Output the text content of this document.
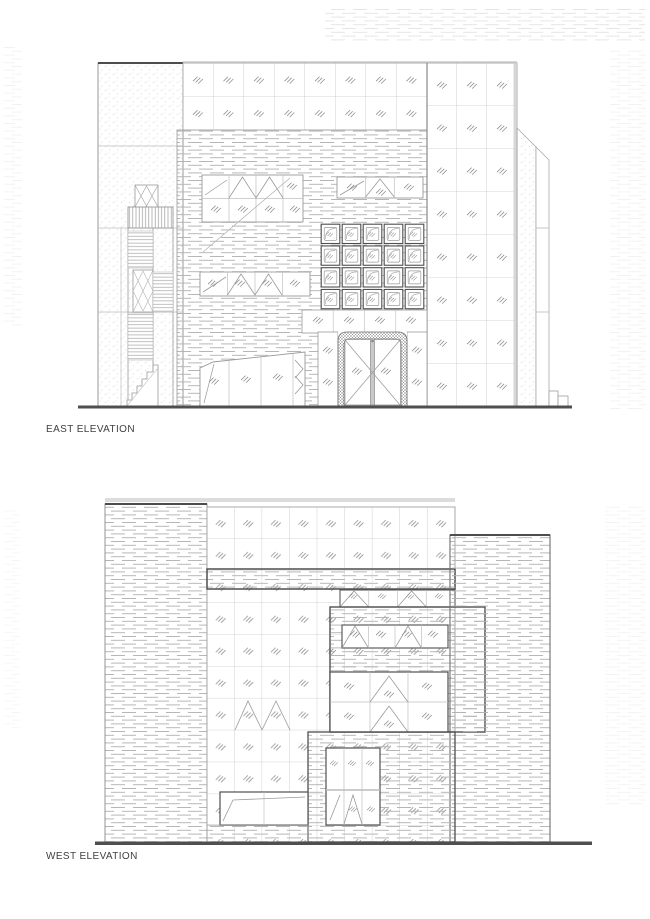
EAST ELEVATION
WEST ELEVATION
